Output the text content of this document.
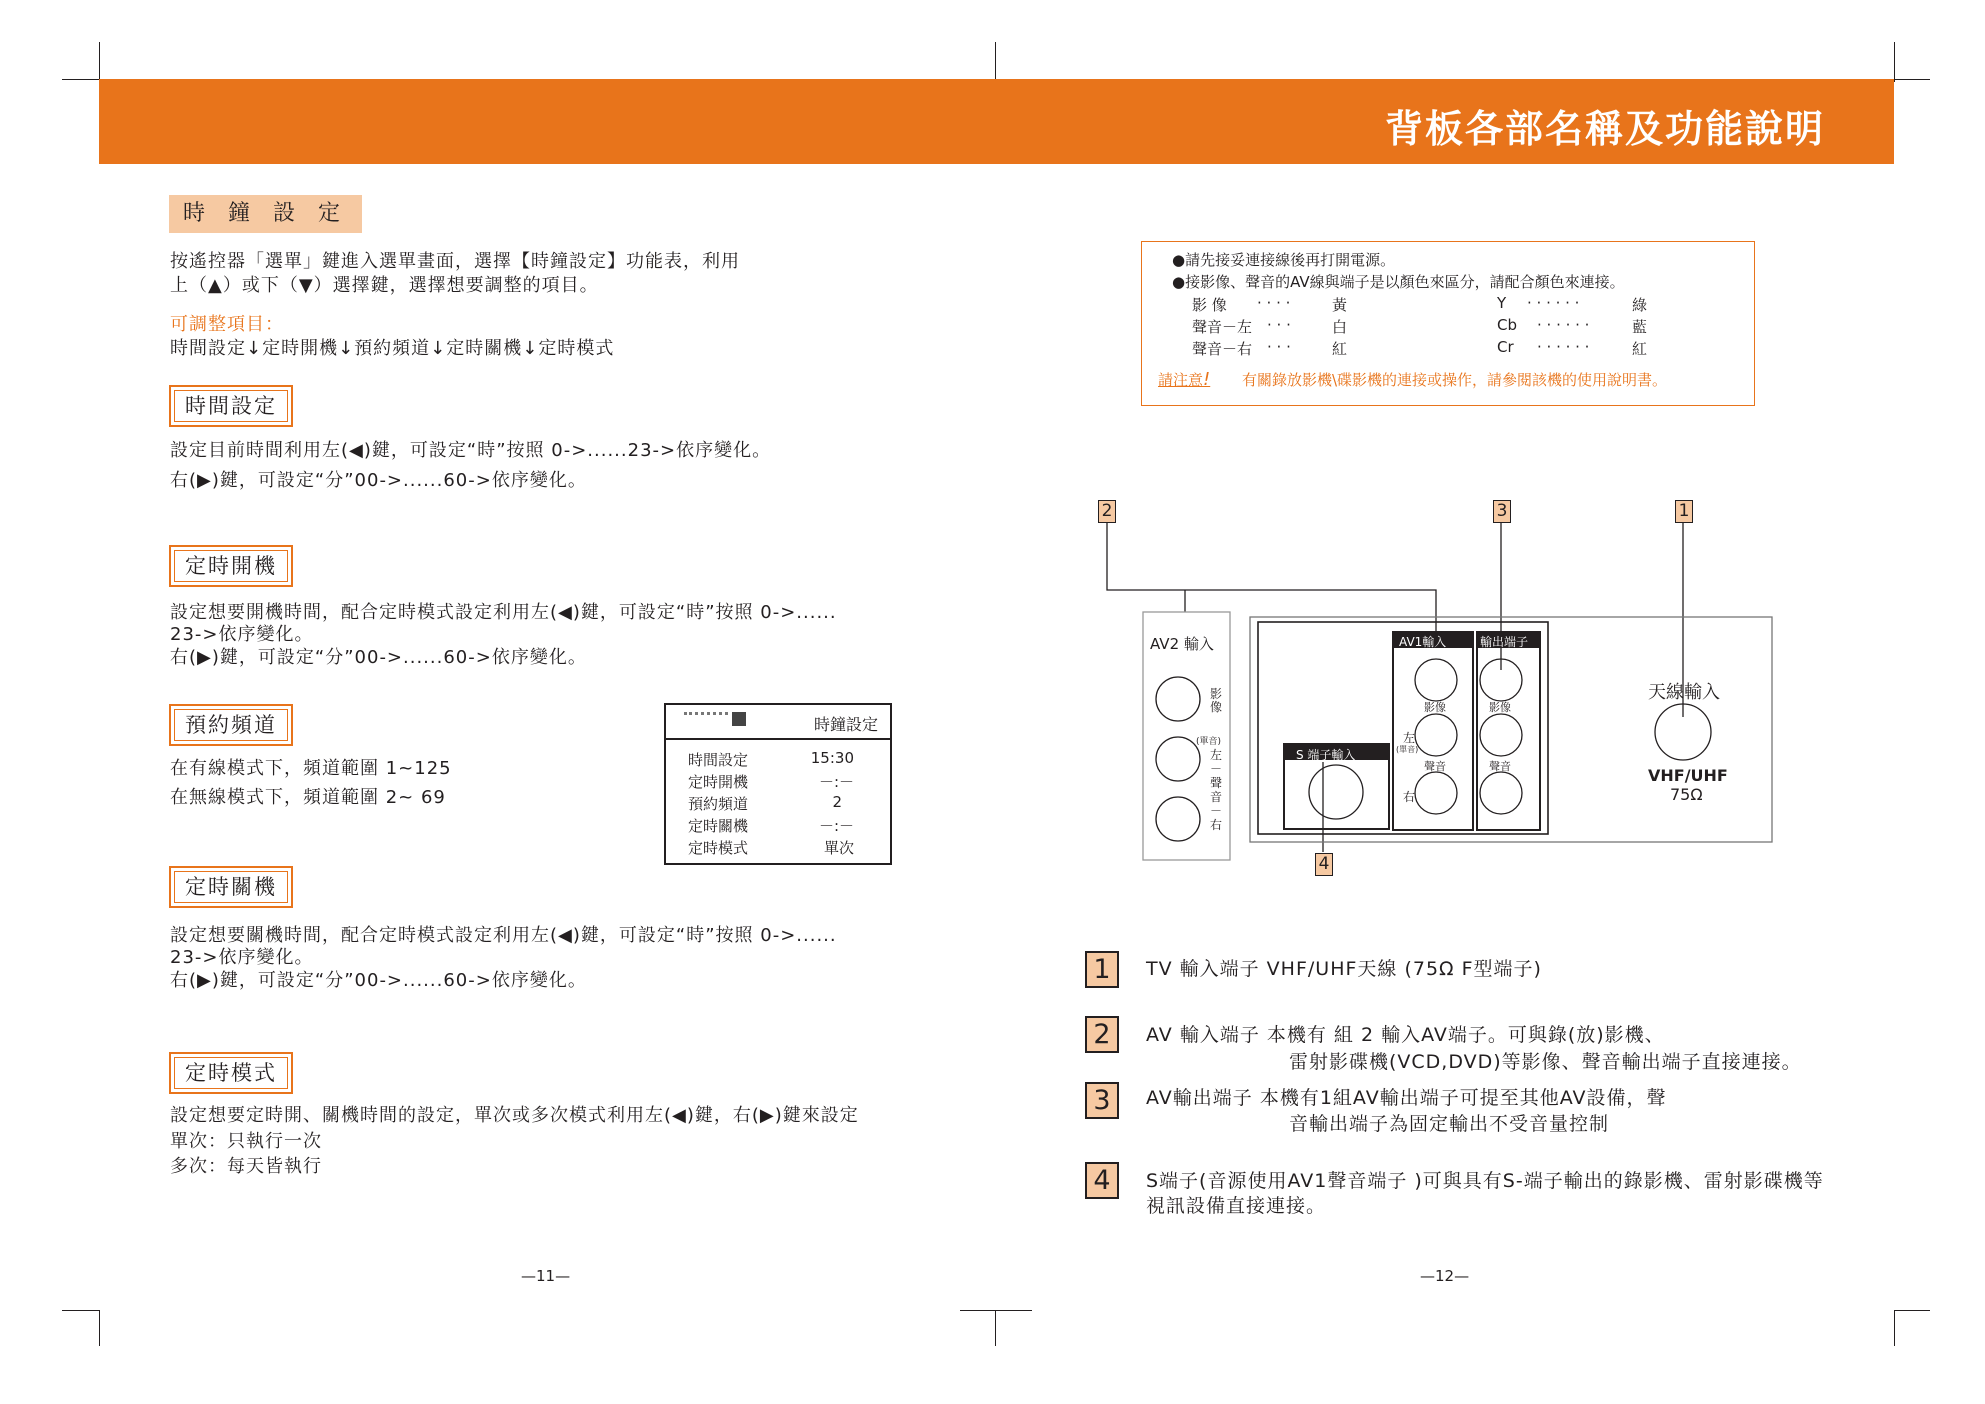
背板各部名稱及功能說明
時 鐘 設 定
按遙控器「選單」鍵進入選單畫面，選擇【時鐘設定】功能表，利用
上（▲）或下（▼）選擇鍵，選擇想要調整的項目。
可調整項目：
時間設定↓定時開機↓預約頻道↓定時關機↓定時模式
時間設定
設定目前時間利用左(◀)鍵，可設定“時”按照 0->......23->依序變化。
右(▶)鍵，可設定“分”00->......60->依序變化。
定時開機
設定想要開機時間，配合定時模式設定利用左(◀)鍵，可設定“時”按照 0->......
23->依序變化。
右(▶)鍵，可設定“分”00->......60->依序變化。
預約頻道
在有線模式下，頻道範圍 1~125
在無線模式下，頻道範圍 2~ 69
時鐘設定
時間設定	15:30
定時開機	－:－
預約頻道	2
定時關機	－:－
定時模式	單次
定時關機
設定想要關機時間，配合定時模式設定利用左(◀)鍵，可設定“時”按照 0->......
23->依序變化。
右(▶)鍵，可設定“分”00->......60->依序變化。
定時模式
設定想要定時開、關機時間的設定，單次或多次模式利用左(◀)鍵，右(▶)鍵來設定
單次：只執行一次
多次：每天皆執行
—11—
●請先接妥連接線後再打開電源。
●接影像、聲音的AV線與端子是以顏色來區分，請配合顏色來連接。
影 像 · · · ·	黃	Y · · · · · ·	綠
聲音－左 · · ·	白	Cb · · · · · ·	藍
聲音－右 · · ·	紅	Cr · · · · · ·	紅
請注意! 有關錄放影機\碟影機的連接或操作，請參閱該機的使用說明書。
2	3	1
4
AV2 輸入
影像
(單音)
左－聲音－右
AV1輸入	輸出端子
S 端子輸入
影像	影像
左
(單音)
聲音	聲音
右
天線輸入
VHF/UHF
75Ω
1	TV 輸入端子 VHF/UHF天線 (75Ω F型端子)
2	AV 輸入端子 本機有 組 2 輸入AV端子。可與錄(放)影機、
雷射影碟機(VCD,DVD)等影像、聲音輸出端子直接連接。
3	AV輸出端子 本機有1組AV輸出端子可提至其他AV設備，聲
音輸出端子為固定輸出不受音量控制
4	S端子(音源使用AV1聲音端子 )可與具有S-端子輸出的錄影機、雷射影碟機等
視訊設備直接連接。
—12—
